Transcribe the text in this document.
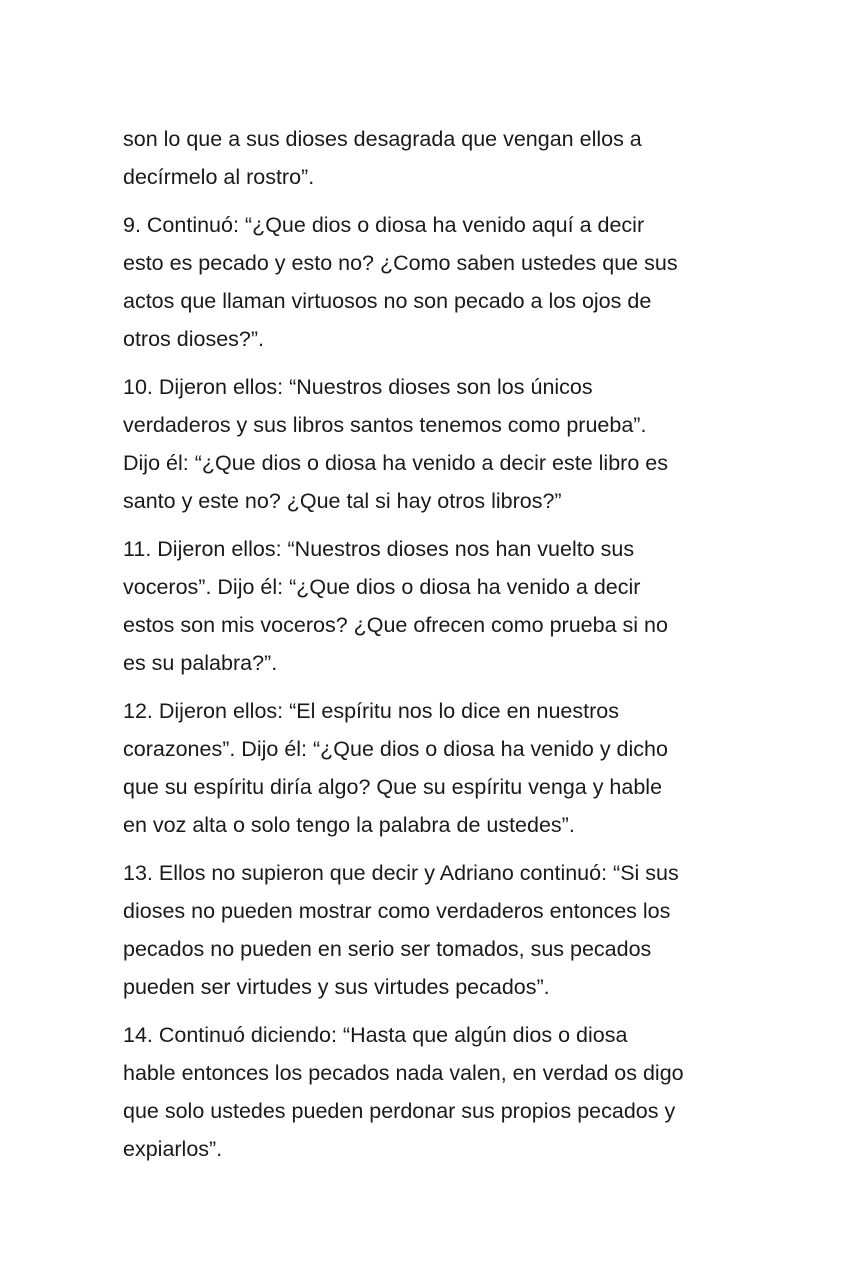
son lo que a sus dioses desagrada que vengan ellos a
decírmelo al rostro”.

9. Continuó: “¿Que dios o diosa ha venido aquí a decir
esto es pecado y esto no? ¿Como saben ustedes que sus
actos que llaman virtuosos no son pecado a los ojos de
otros dioses?”.

10. Dijeron ellos: “Nuestros dioses son los únicos
verdaderos y sus libros santos tenemos como prueba”.
Dijo él: “¿Que dios o diosa ha venido a decir este libro es
santo y este no? ¿Que tal si hay otros libros?”

11. Dijeron ellos: “Nuestros dioses nos han vuelto sus
voceros”. Dijo él: “¿Que dios o diosa ha venido a decir
estos son mis voceros? ¿Que ofrecen como prueba si no
es su palabra?”.

12. Dijeron ellos: “El espíritu nos lo dice en nuestros
corazones”. Dijo él: “¿Que dios o diosa ha venido y dicho
que su espíritu diría algo? Que su espíritu venga y hable
en voz alta o solo tengo la palabra de ustedes”.

13. Ellos no supieron que decir y Adriano continuó: “Si sus
dioses no pueden mostrar como verdaderos entonces los
pecados no pueden en serio ser tomados, sus pecados
pueden ser virtudes y sus virtudes pecados”.

14. Continuó diciendo: “Hasta que algún dios o diosa
hable entonces los pecados nada valen, en verdad os digo
que solo ustedes pueden perdonar sus propios pecados y
expiarlos”.
